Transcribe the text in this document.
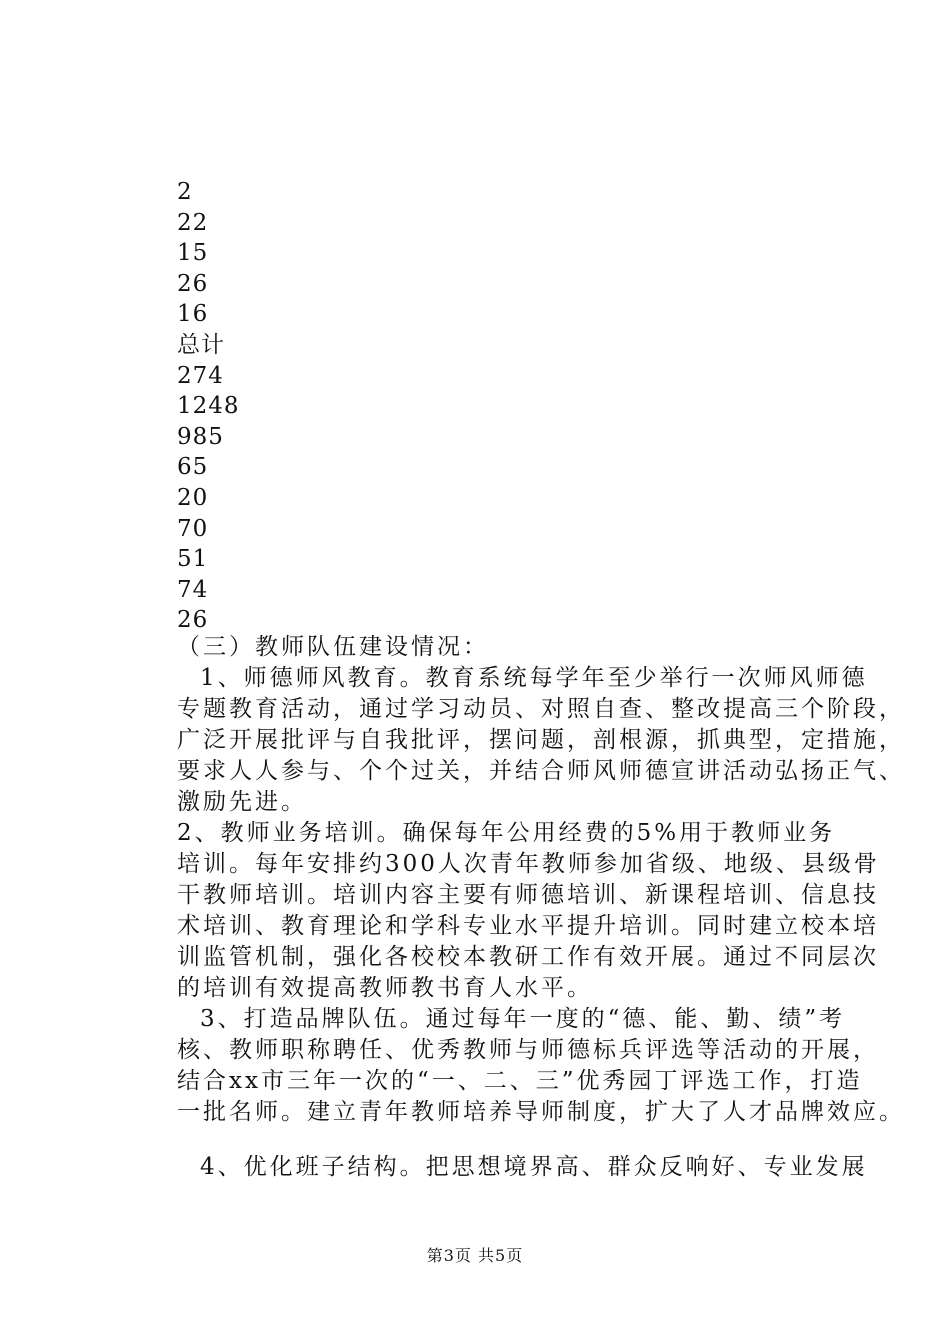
2
22
15
26
16
总计
274
1248
985
65
20
70
51
74
26
（三）教师队伍建设情况：
1、师德师风教育。教育系统每学年至少举行一次师风师德
专题教育活动，通过学习动员、对照自查、整改提高三个阶段，
广泛开展批评与自我批评，摆问题，剖根源，抓典型，定措施，
要求人人参与、个个过关，并结合师风师德宣讲活动弘扬正气、
激励先进。
2、教师业务培训。确保每年公用经费的5%用于教师业务
培训。每年安排约300人次青年教师参加省级、地级、县级骨
干教师培训。培训内容主要有师德培训、新课程培训、信息技
术培训、教育理论和学科专业水平提升培训。同时建立校本培
训监管机制，强化各校校本教研工作有效开展。通过不同层次
的培训有效提高教师教书育人水平。
3、打造品牌队伍。通过每年一度的“德、能、勤、绩”考
核、教师职称聘任、优秀教师与师德标兵评选等活动的开展，
结合xx市三年一次的“一、二、三”优秀园丁评选工作，打造
一批名师。建立青年教师培养导师制度，扩大了人才品牌效应。
4、优化班子结构。把思想境界高、群众反响好、专业发展
第3页 共5页
